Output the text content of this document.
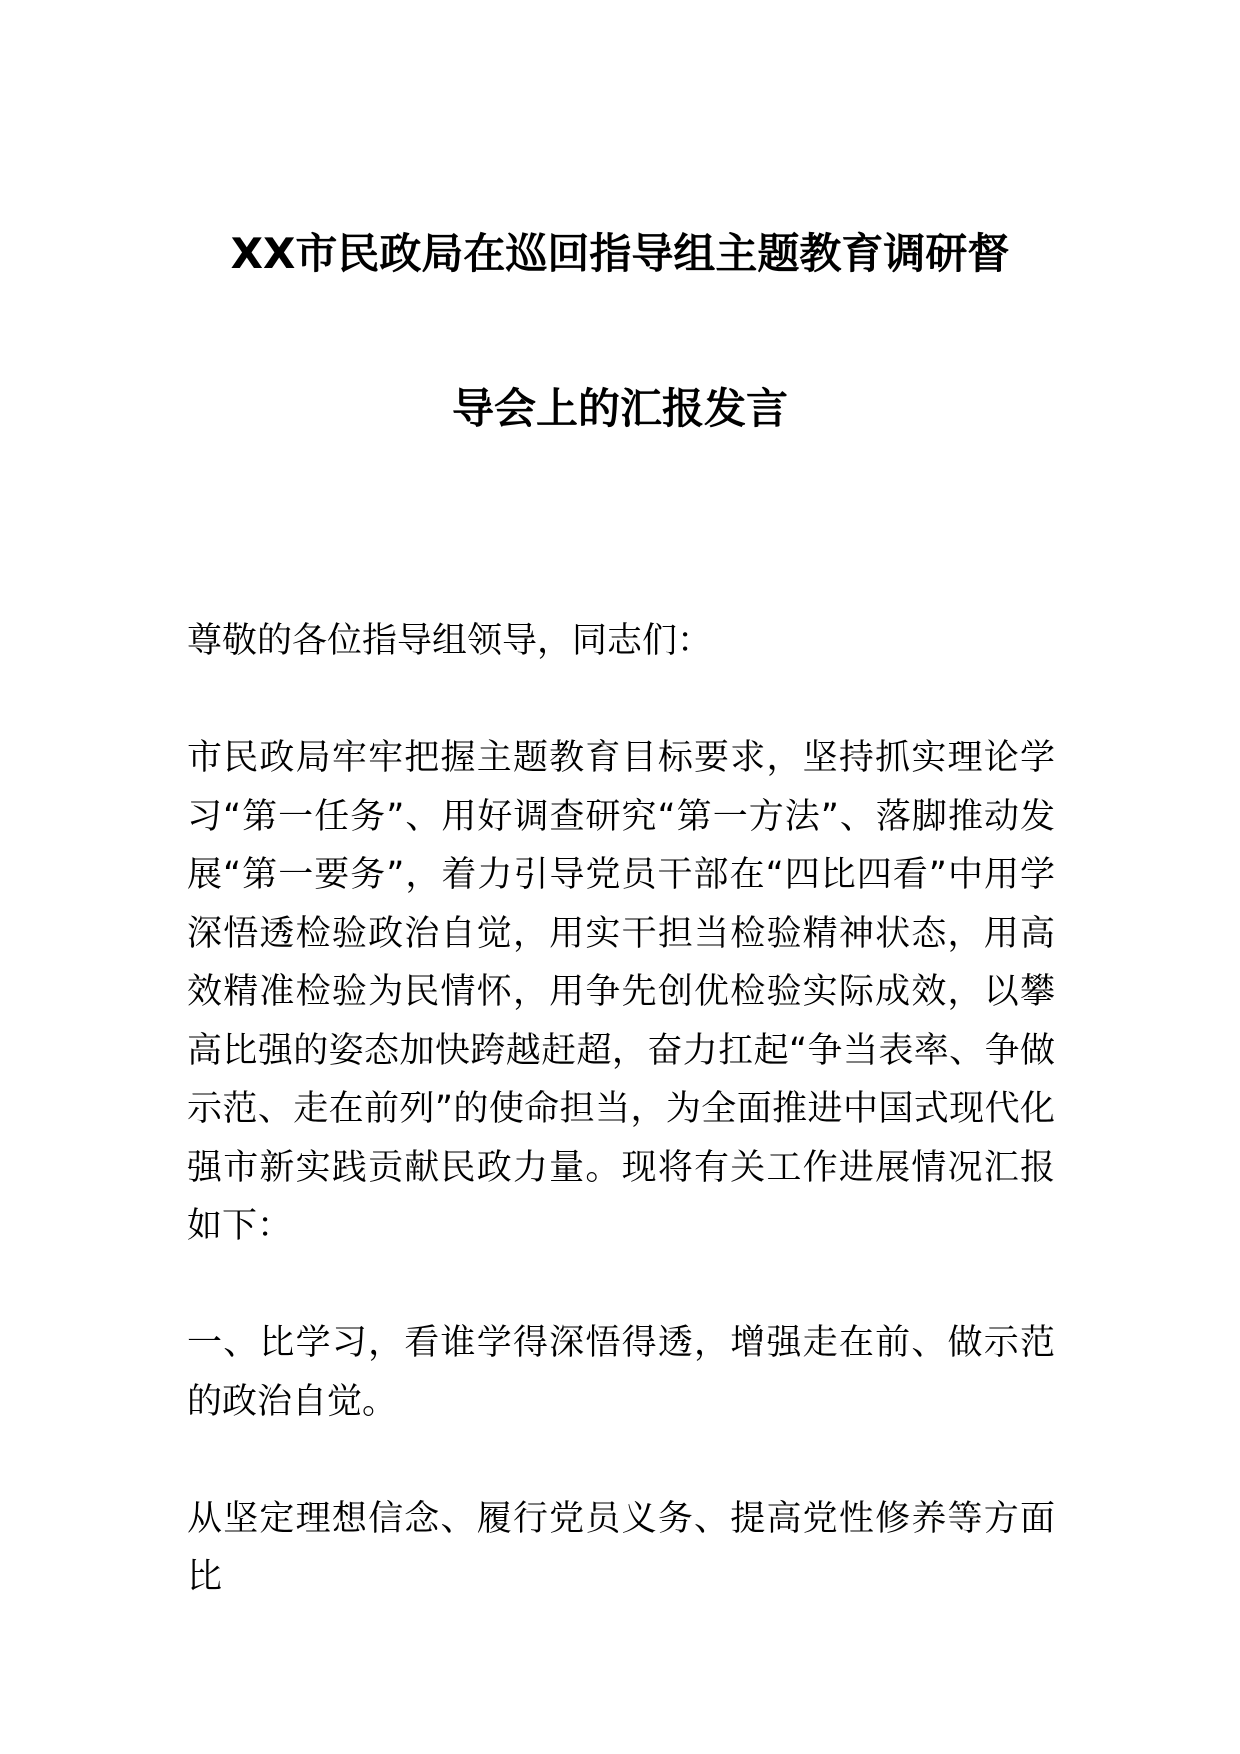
XX市民政局在巡回指导组主题教育调研督
导会上的汇报发言

尊敬的各位指导组领导，同志们：

市民政局牢牢把握主题教育目标要求，坚持抓实理论学习“第一任务”、用好调查研究“第一方法”、落脚推动发展“第一要务”，着力引导党员干部在“四比四看”中用学深悟透检验政治自觉，用实干担当检验精神状态，用高效精准检验为民情怀，用争先创优检验实际成效，以攀高比强的姿态加快跨越赶超，奋力扛起“争当表率、争做示范、走在前列”的使命担当，为全面推进中国式现代化强市新实践贡献民政力量。现将有关工作进展情况汇报如下：

一、比学习，看谁学得深悟得透，增强走在前、做示范的政治自觉。

从坚定理想信念、履行党员义务、提高党性修养等方面比
